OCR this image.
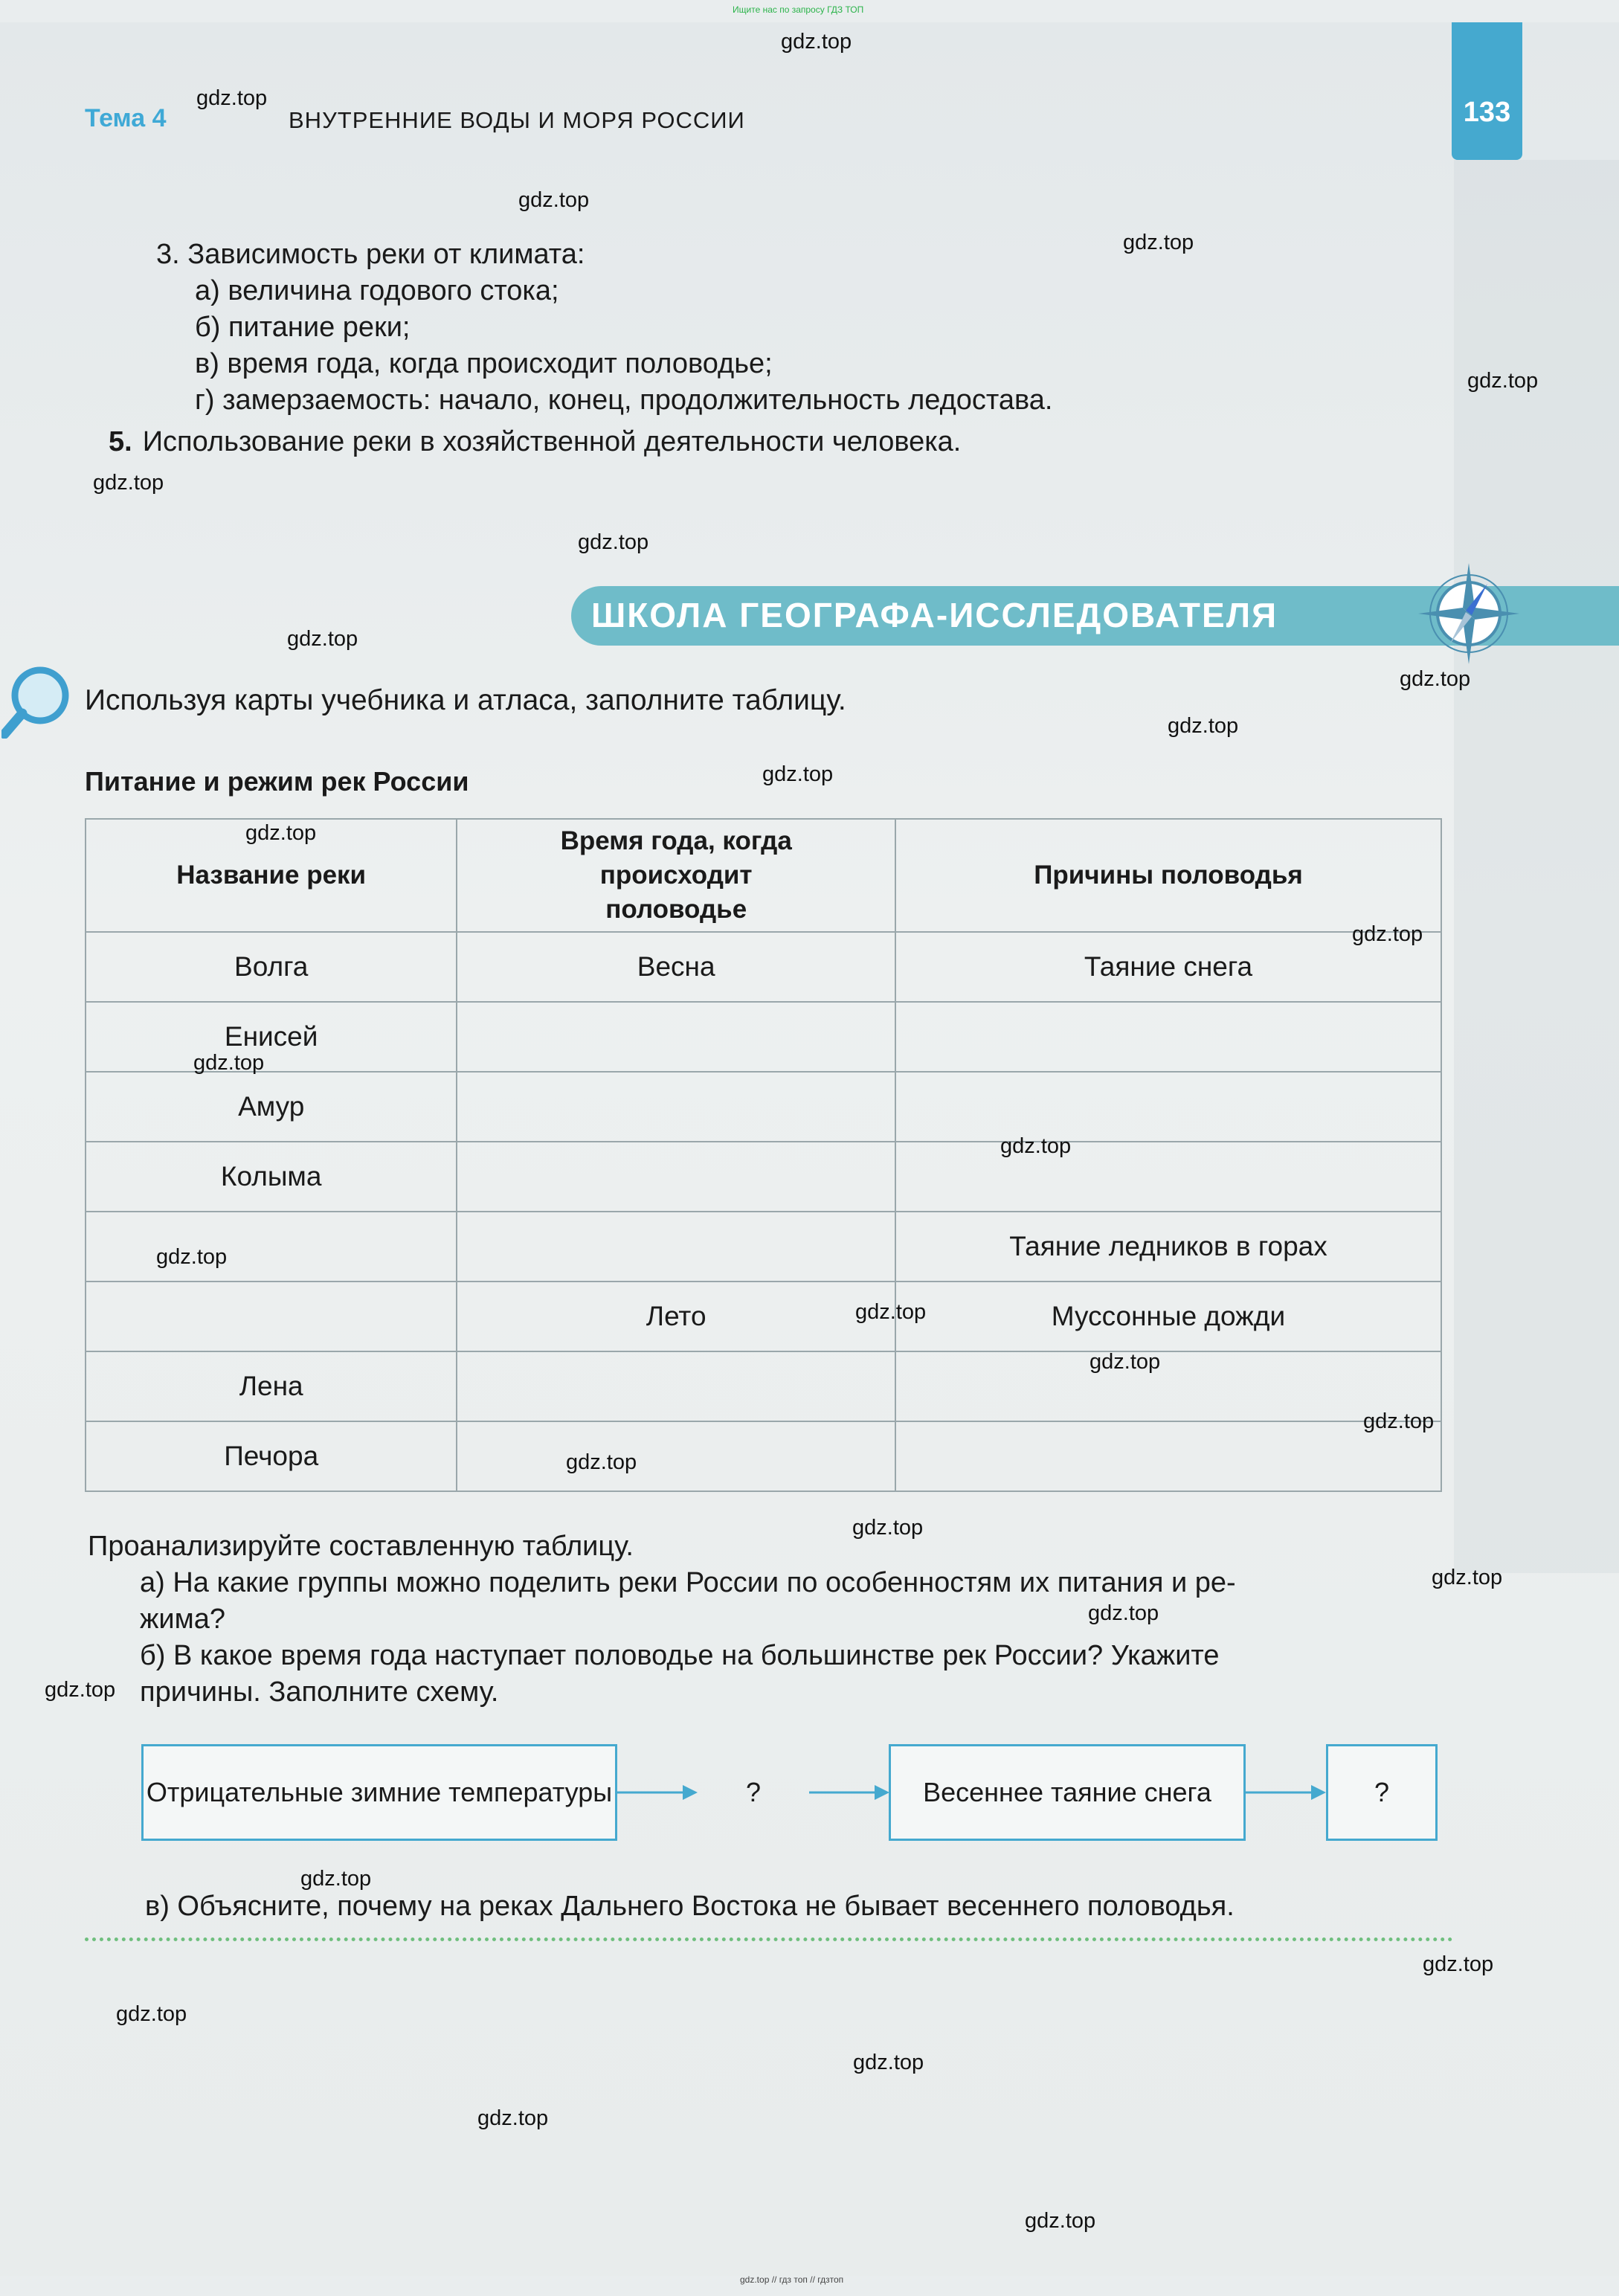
Ищите нас по запросу ГДЗ ТОП
Тема 4	ВНУТРЕННИЕ ВОДЫ И МОРЯ РОССИИ	133
3. Зависимость реки от климата:
а) величина годового стока;
б) питание реки;
в) время года, когда происходит половодье;
г) замерзаемость: начало, конец, продолжительность ледостава.
5. Использование реки в хозяйственной деятельности человека.
ШКОЛА ГЕОГРАФА-ИССЛЕДОВАТЕЛЯ
Используя карты учебника и атласа, заполните таблицу.
Питание и режим рек России
Название реки	Время года, когда происходит половодье	Причины половодья
Волга	Весна	Таяние снега
Енисей		
Амур		
Колыма		
		Таяние ледников в горах
	Лето	Муссонные дожди
Лена		
Печора		
Проанализируйте составленную таблицу.
а) На какие группы можно поделить реки России по особенностям их питания и ре-
жима?
б) В какое время года наступает половодье на большинстве рек России? Укажите
причины. Заполните схему.
Отрицательные зимние температуры	?	Весеннее таяние снега	?
в) Объясните, почему на реках Дальнего Востока не бывает весеннего половодья.
gdz.top
gdz.top
gdz.top
gdz.top
gdz.top
gdz.top
gdz.top
gdz.top
gdz.top
gdz.top
gdz.top
gdz.top
gdz.top
gdz.top
gdz.top
gdz.top
gdz.top
gdz.top
gdz.top
gdz.top
gdz.top
gdz.top
gdz.top
gdz.top
gdz.top
gdz.top
gdz.top
gdz.top
gdz.top
gdz.top
gdz.top // гдз топ // гдзтоп
